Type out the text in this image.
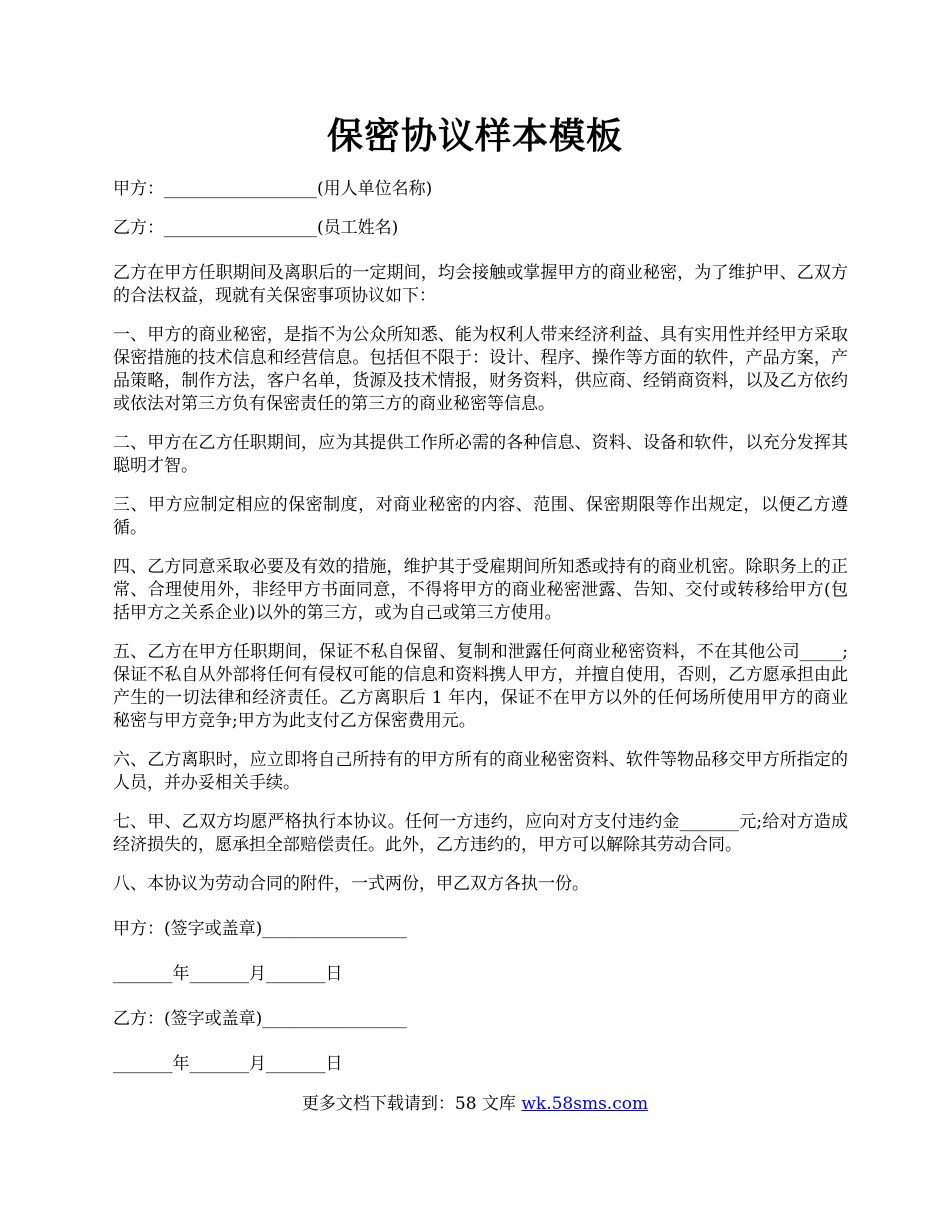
保密协议样本模板

甲方：__________________(用人单位名称)

乙方：__________________(员工姓名)

乙方在甲方任职期间及离职后的一定期间，均会接触或掌握甲方的商业秘密，为了维护甲、乙双方的合法权益，现就有关保密事项协议如下：

一、甲方的商业秘密，是指不为公众所知悉、能为权利人带来经济利益、具有实用性并经甲方采取保密措施的技术信息和经营信息。包括但不限于：设计、程序、操作等方面的软件，产品方案，产品策略，制作方法，客户名单，货源及技术情报，财务资料，供应商、经销商资料，以及乙方依约或依法对第三方负有保密责任的第三方的商业秘密等信息。

二、甲方在乙方任职期间，应为其提供工作所必需的各种信息、资料、设备和软件，以充分发挥其聪明才智。

三、甲方应制定相应的保密制度，对商业秘密的内容、范围、保密期限等作出规定，以便乙方遵循。

四、乙方同意采取必要及有效的措施，维护其于受雇期间所知悉或持有的商业机密。除职务上的正常、合理使用外，非经甲方书面同意，不得将甲方的商业秘密泄露、告知、交付或转移给甲方(包括甲方之关系企业)以外的第三方，或为自己或第三方使用。

五、乙方在甲方任职期间，保证不私自保留、复制和泄露任何商业秘密资料，不在其他公司_____;保证不私自从外部将任何有侵权可能的信息和资料携人甲方，并擅自使用，否则，乙方愿承担由此产生的一切法律和经济责任。乙方离职后 1 年内，保证不在甲方以外的任何场所使用甲方的商业秘密与甲方竞争;甲方为此支付乙方保密费用元。

六、乙方离职时，应立即将自己所持有的甲方所有的商业秘密资料、软件等物品移交甲方所指定的人员，并办妥相关手续。

七、甲、乙双方均愿严格执行本协议。任何一方违约，应向对方支付违约金_______元;给对方造成经济损失的，愿承担全部赔偿责任。此外，乙方违约的，甲方可以解除其劳动合同。

八、本协议为劳动合同的附件，一式两份，甲乙双方各执一份。

甲方：(签字或盖章)_________________

_______年_______月_______日

乙方：(签字或盖章)_________________

_______年_______月_______日

更多文档下载请到：58 文库 wk.58sms.com
